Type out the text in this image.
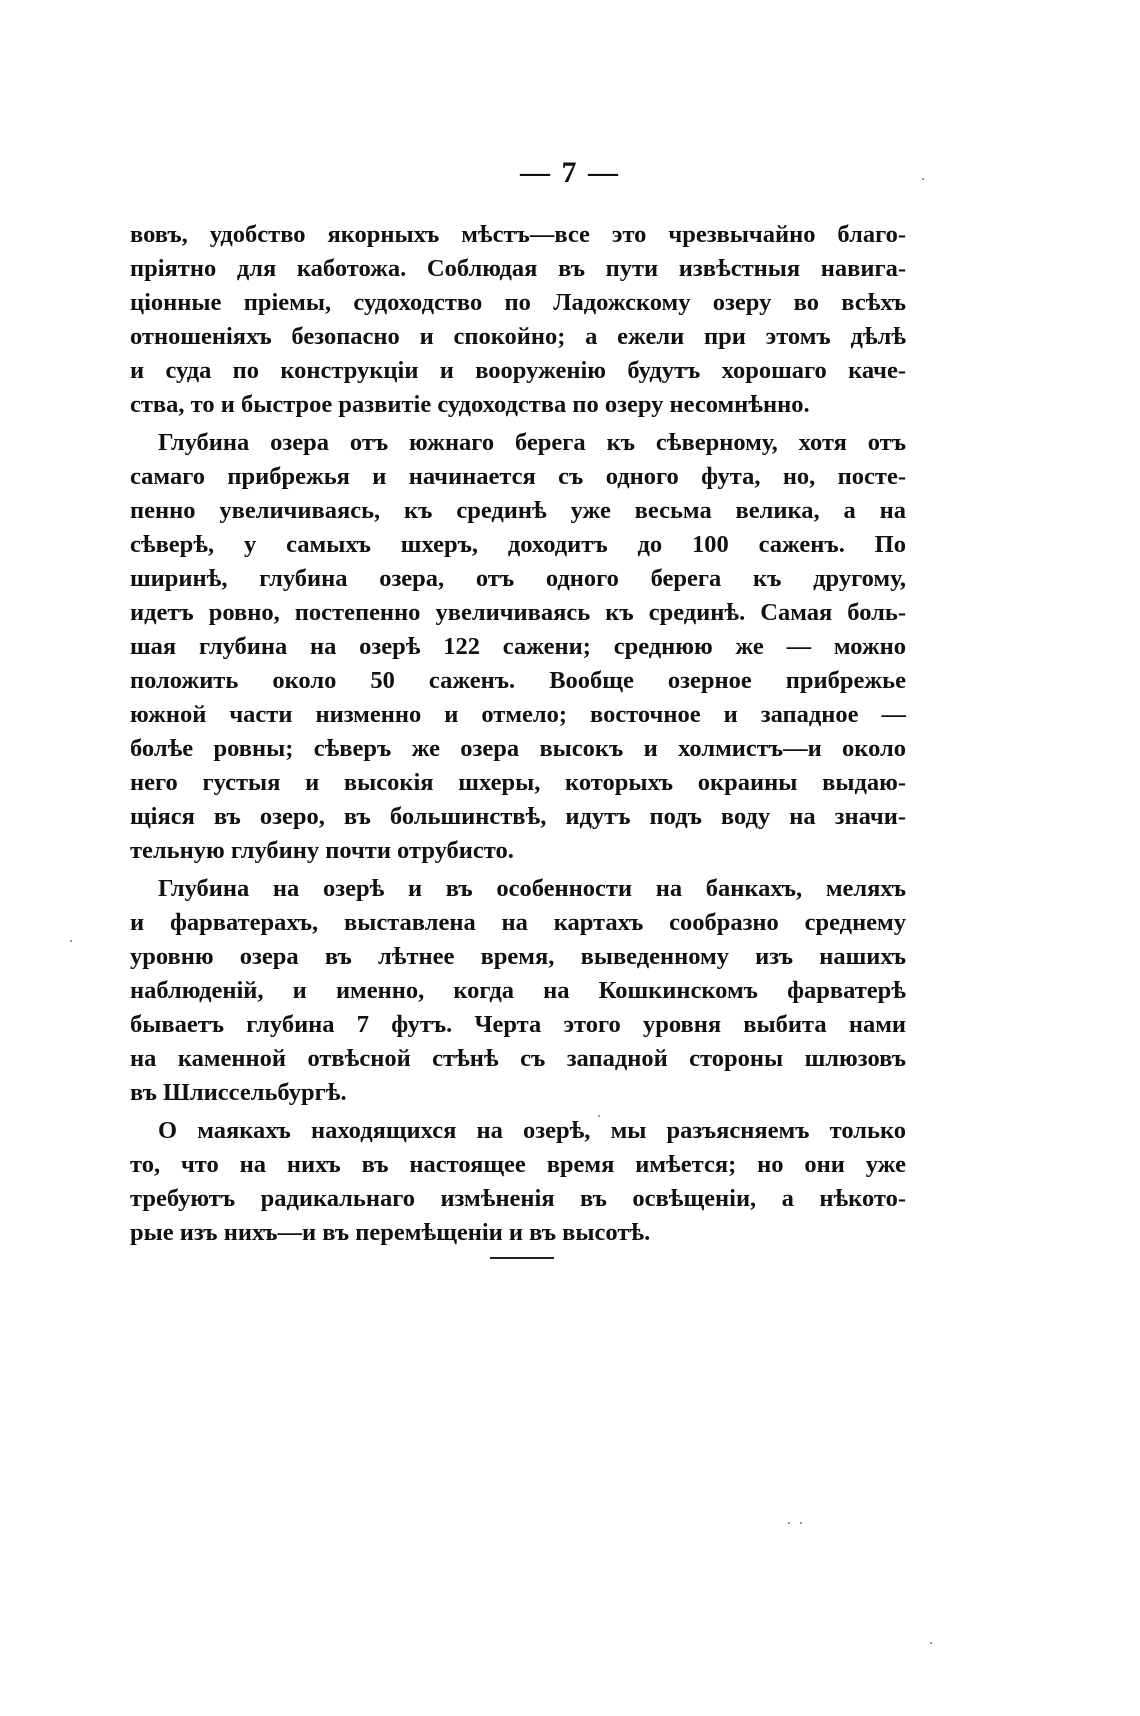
— 7 —
вовъ, удобство якорныхъ мѣстъ—все это чрезвычайно благо-
пріятно для каботожа. Соблюдая въ пути извѣстныя навига-
ціонные пріемы, судоходство по Ладожскому озеру во всѣхъ
отношеніяхъ безопасно и спокойно; а ежели при этомъ дѣлѣ
и суда по конструкціи и вооруженію будутъ хорошаго каче-
ства, то и быстрое развитіе судоходства по озеру несомнѣнно.
Глубина озера отъ южнаго берега къ сѣверному, хотя отъ
самаго прибрежья и начинается съ одного фута, но, посте-
пенно увеличиваясь, къ срединѣ уже весьма велика, а на
сѣверѣ, у самыхъ шхеръ, доходитъ до 100 саженъ. По
ширинѣ, глубина озера, отъ одного берега къ другому,
идетъ ровно, постепенно увеличиваясь къ срединѣ. Самая боль-
шая глубина на озерѣ 122 сажени; среднюю же — можно
положить около 50 саженъ. Вообще озерное прибрежье
южной части низменно и отмело; восточное и западное —
болѣе ровны; сѣверъ же озера высокъ и холмистъ—и около
него густыя и высокія шхеры, которыхъ окраины выдаю-
щіяся въ озеро, въ большинствѣ, идутъ подъ воду на значи-
тельную глубину почти отрубисто.
Глубина на озерѣ и въ особенности на банкахъ, меляхъ
и фарватерахъ, выставлена на картахъ сообразно среднему
уровню озера въ лѣтнее время, выведенному изъ нашихъ
наблюденій, и именно, когда на Кошкинскомъ фарватерѣ
бываетъ глубина 7 футъ. Черта этого уровня выбита нами
на каменной отвѣсной стѣнѣ съ западной стороны шлюзовъ
въ Шлиссельбургѣ.
О маякахъ находящихся на озерѣ, мы разъясняемъ только
то, что на нихъ въ настоящее время имѣется; но они уже
требуютъ радикальнаго измѣненія въ освѣщеніи, а нѣкото-
рые изъ нихъ—и въ перемѣщеніи и въ высотѣ.
